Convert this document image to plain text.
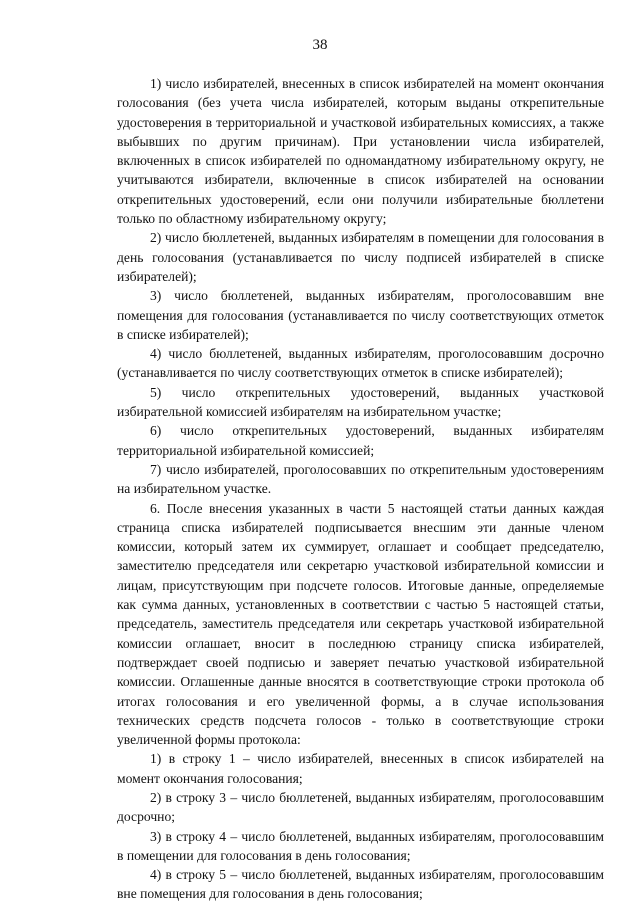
38

1) число избирателей, внесенных в список избирателей на момент окончания голосования (без учета числа избирателей, которым выданы открепительные удостоверения в территориальной и участковой избирательных комиссиях, а также выбывших по другим причинам). При установлении числа избирателей, включенных в список избирателей по одномандатному избирательному округу, не учитываются избиратели, включенные в список избирателей на основании открепительных удостоверений, если они получили избирательные бюллетени только по областному избирательному округу;

2) число бюллетеней, выданных избирателям в помещении для голосования в день голосования (устанавливается по числу подписей избирателей в списке избирателей);

3) число бюллетеней, выданных избирателям, проголосовавшим вне помещения для голосования (устанавливается по числу соответствующих отметок в списке избирателей);

4) число бюллетеней, выданных избирателям, проголосовавшим досрочно (устанавливается по числу соответствующих отметок в списке избирателей);

5) число открепительных удостоверений, выданных участковой избирательной комиссией избирателям на избирательном участке;

6) число открепительных удостоверений, выданных избирателям территориальной избирательной комиссией;

7) число избирателей, проголосовавших по открепительным удостоверениям на избирательном участке.

6. После внесения указанных в части 5 настоящей статьи данных каждая страница списка избирателей подписывается внесшим эти данные членом комиссии, который затем их суммирует, оглашает и сообщает председателю, заместителю председателя или секретарю участковой избирательной комиссии и лицам, присутствующим при подсчете голосов. Итоговые данные, определяемые как сумма данных, установленных в соответствии с частью 5 настоящей статьи, председатель, заместитель председателя или секретарь участковой избирательной комиссии оглашает, вносит в последнюю страницу списка избирателей, подтверждает своей подписью и заверяет печатью участковой избирательной комиссии. Оглашенные данные вносятся в соответствующие строки протокола об итогах голосования и его увеличенной формы, а в случае использования технических средств подсчета голосов - только в соответствующие строки увеличенной формы протокола:

1) в строку 1 – число избирателей, внесенных в список избирателей на момент окончания голосования;

2) в строку 3 – число бюллетеней, выданных избирателям, проголосовавшим досрочно;

3) в строку 4 – число бюллетеней, выданных избирателям, проголосовавшим в помещении для голосования в день голосования;

4) в строку 5 – число бюллетеней, выданных избирателям, проголосовавшим вне помещения для голосования в день голосования;
